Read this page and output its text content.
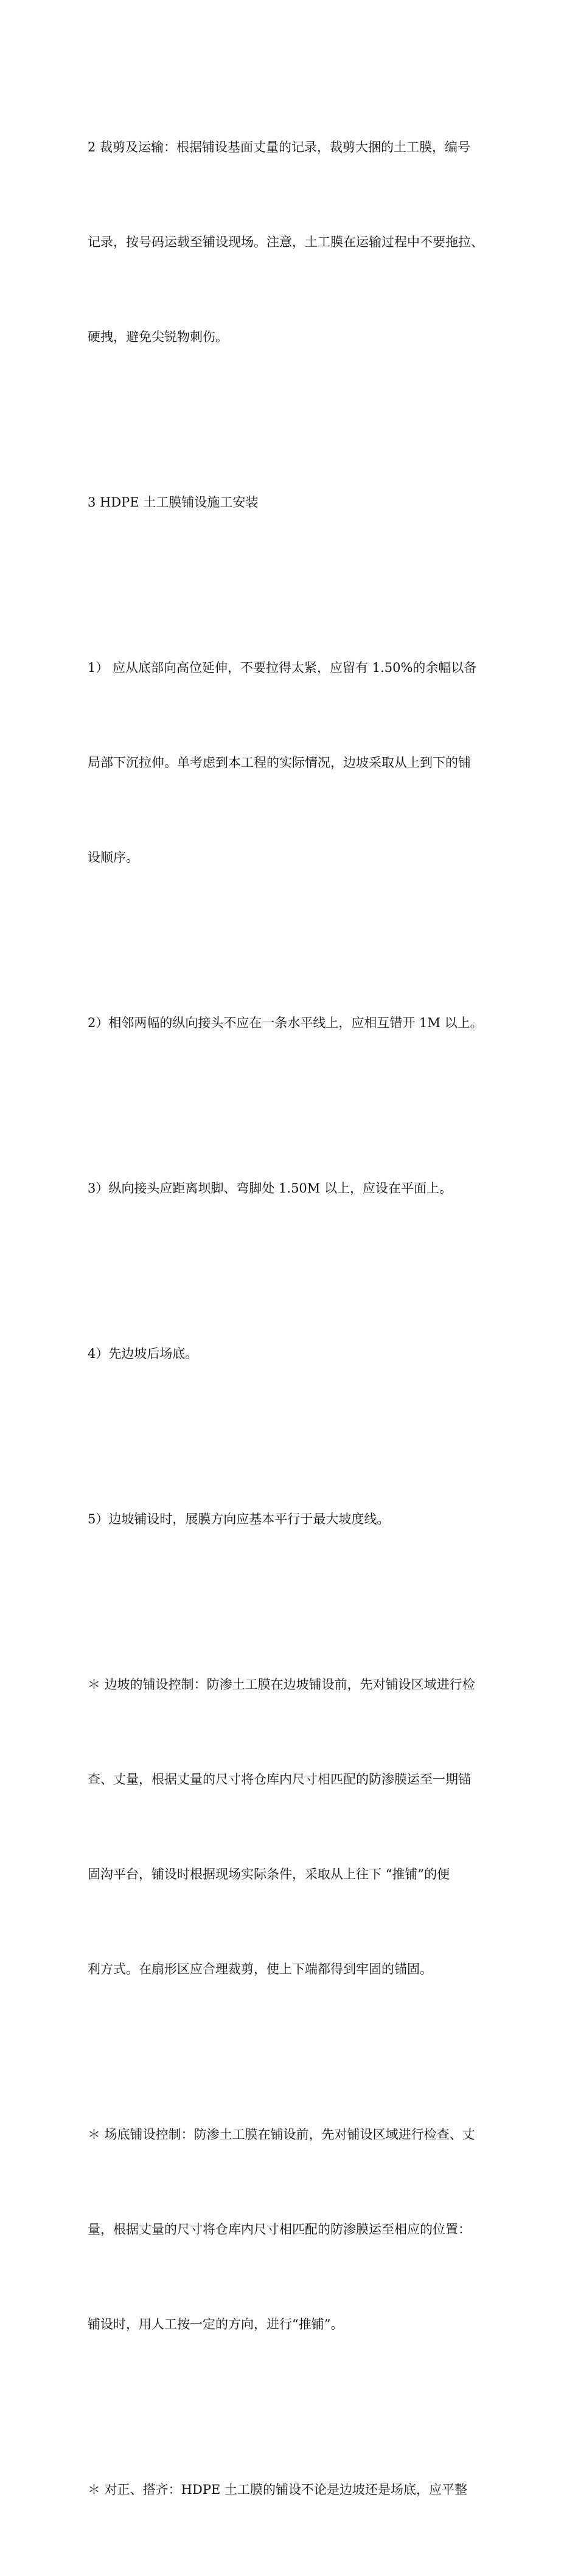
2 裁剪及运输：根据铺设基面丈量的记录，裁剪大捆的土工膜，编号

记录，按号码运载至铺设现场。注意，土工膜在运输过程中不要拖拉、

硬拽，避免尖锐物刺伤。

3 HDPE 土工膜铺设施工安装

1） 应从底部向高位延伸，不要拉得太紧，应留有 1.50%的余幅以备

局部下沉拉伸。单考虑到本工程的实际情况，边坡采取从上到下的铺

设顺序。

2）相邻两幅的纵向接头不应在一条水平线上，应相互错开 1M 以上。

3）纵向接头应距离坝脚、弯脚处 1.50M 以上，应设在平面上。

4）先边坡后场底。

5）边坡铺设时，展膜方向应基本平行于最大坡度线。

＊ 边坡的铺设控制：防渗土工膜在边坡铺设前，先对铺设区域进行检

查、丈量，根据丈量的尺寸将仓库内尺寸相匹配的防渗膜运至一期锚

固沟平台，铺设时根据现场实际条件，采取从上往下 “推铺”的便

利方式。在扇形区应合理裁剪，使上下端都得到牢固的锚固。

＊ 场底铺设控制：防渗土工膜在铺设前，先对铺设区域进行检查、丈

量，根据丈量的尺寸将仓库内尺寸相匹配的防渗膜运至相应的位置：

铺设时，用人工按一定的方向，进行“推铺”。

＊ 对正、搭齐：HDPE 土工膜的铺设不论是边坡还是场底，应平整
